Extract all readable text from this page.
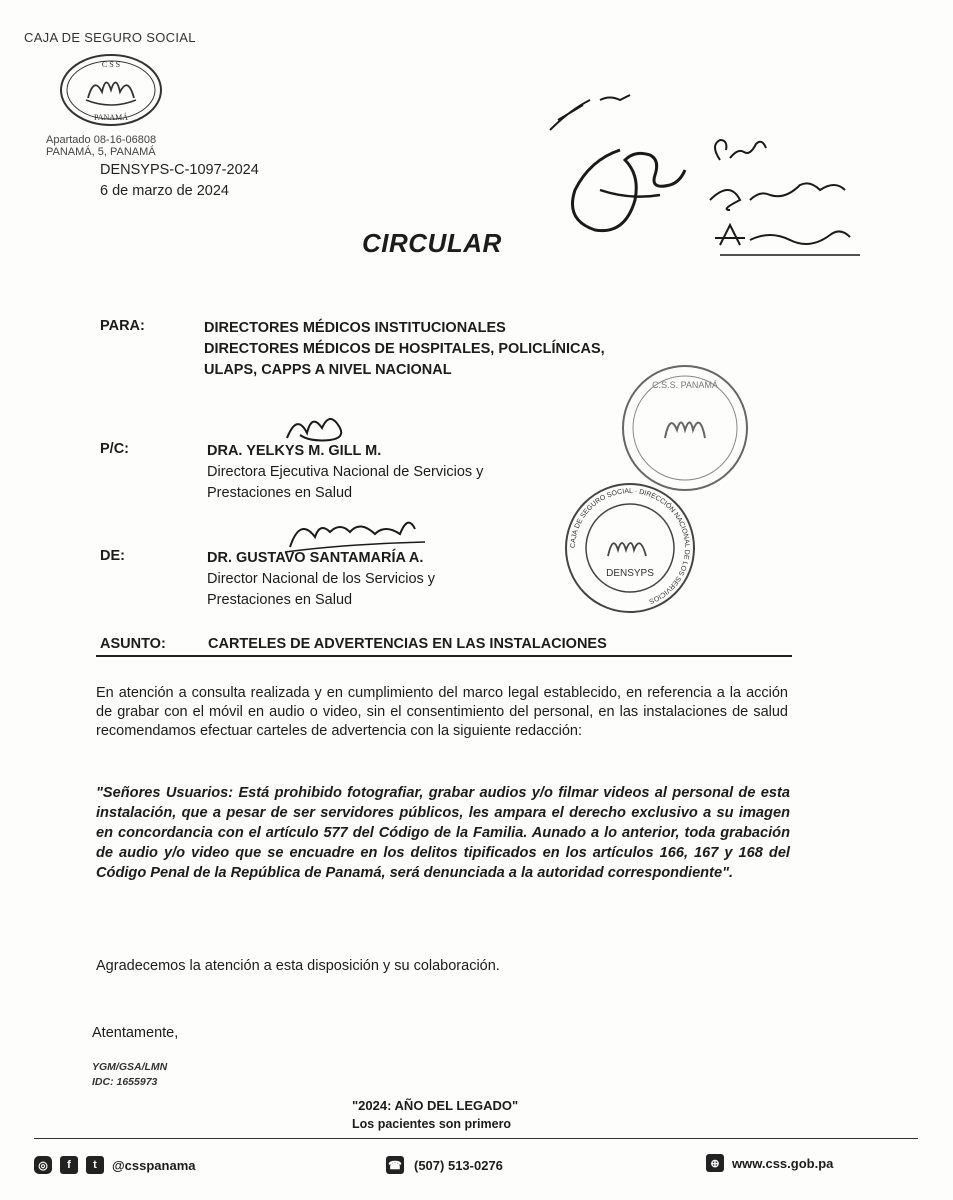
CAJA DE SEGURO SOCIAL
C S S
PANAMÁ
Apartado 08-16-06808
PANAMÁ, 5, PANAMÁ
DENSYPS-C-1097-2024
6 de marzo de 2024
CIRCULAR
PARA:	DIRECTORES MÉDICOS INSTITUCIONALES
DIRECTORES MÉDICOS DE HOSPITALES, POLICLÍNICAS,
ULAPS, CAPPS A NIVEL NACIONAL
C.S.S. PANAMÁ
P/C:	DRA. YELKYS M. GILL M.
Directora Ejecutiva Nacional de Servicios y
Prestaciones en Salud
DENSYPS
CAJA DE SEGURO SOCIAL · DIRECCIÓN NACIONAL DE LOS SERVICIOS
DE:	DR. GUSTAVO SANTAMARÍA A.
Director Nacional de los Servicios y
Prestaciones en Salud
ASUNTO:	CARTELES DE ADVERTENCIAS EN LAS INSTALACIONES
En atención a consulta realizada y en cumplimiento del marco legal establecido, en referencia a la acción de grabar con el móvil en audio o video, sin el consentimiento del personal, en las instalaciones de salud recomendamos efectuar carteles de advertencia con la siguiente redacción:
"Señores Usuarios: Está prohibido fotografiar, grabar audios y/o filmar videos al personal de esta instalación, que a pesar de ser servidores públicos, les ampara el derecho exclusivo a su imagen en concordancia con el artículo 577 del Código de la Familia. Aunado a lo anterior, toda grabación de audio y/o video que se encuadre en los delitos tipificados en los artículos 166, 167 y 168 del Código Penal de la República de Panamá, será denunciada a la autoridad correspondiente".
Agradecemos la atención a esta disposición y su colaboración.
Atentamente,
YGM/GSA/LMN
IDC: 1655973
"2024: AÑO DEL LEGADO"
Los pacientes son primero
◎	f	t	@csspanama	☎ (507) 513-0276	⊕ www.css.gob.pa
